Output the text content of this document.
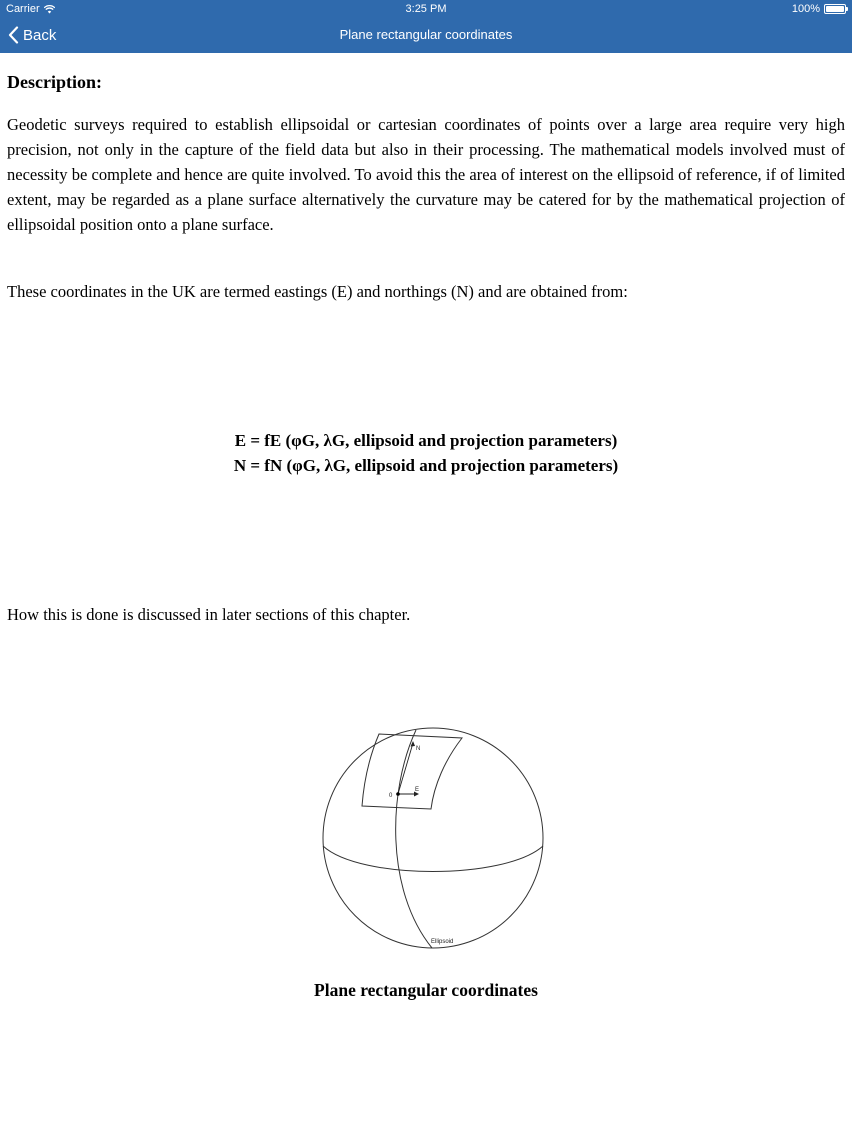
Carrier	3:25 PM	100%
Back	Plane rectangular coordinates
Description:

Geodetic surveys required to establish ellipsoidal or cartesian coordinates of points over a large area require very high precision, not only in the capture of the field data but also in their processing. The mathematical models involved must of necessity be complete and hence are quite involved. To avoid this the area of interest on the ellipsoid of reference, if of limited extent, may be regarded as a plane surface alternatively the curvature may be catered for by the mathematical projection of ellipsoidal position onto a plane surface.

These coordinates in the UK are termed eastings (E) and northings (N) and are obtained from:

E = fE (φG, λG, ellipsoid and projection parameters)
N = fN (φG, λG, ellipsoid and projection parameters)

How this is done is discussed in later sections of this chapter.

N
E
0
Ellipsoid
Plane rectangular coordinates
